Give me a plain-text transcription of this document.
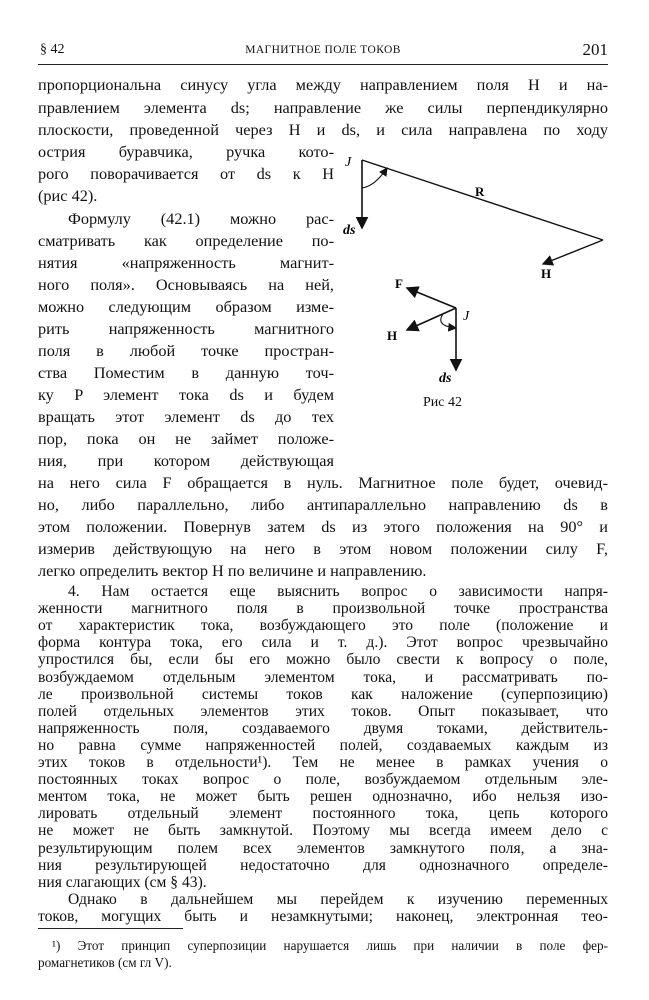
§ 42	МАГНИТНОЕ ПОЛЕ ТОКОВ	201
пропорциональна синусу угла между направлением поля H и на-
правлением элемента ds; направление же силы перпендикулярно
плоскости, проведенной через H и ds, и сила направлена по ходу
острия буравчика, ручка кото-
рого поворачивается от ds к H
(рис 42).
Формулу (42.1) можно рас-
сматривать как определение по-
нятия «напряженность магнит-
ного поля». Основываясь на ней,
можно следующим образом изме-
рить напряженность магнитного
поля в любой точке простран-
ства Поместим в данную точ-
ку P элемент тока ds и будем
вращать этот элемент ds до тех
пор, пока он не займет положе-
ния, при котором действующая
на него сила F обращается в нуль. Магнитное поле будет, очевид-
но, либо параллельно, либо антипараллельно направлению ds в
этом положении. Повернув затем ds из этого положения на 90° и
измерив действующую на него в этом новом положении силу F,
легко определить вектор H по величине и направлению.
J
R
ds
H
F
H
J
ds
Рис 42
4. Нам остается еще выяснить вопрос о зависимости напря-
женности магнитного поля в произвольной точке пространства
от характеристик тока, возбуждающего это поле (положение и
форма контура тока, его сила и т. д.). Этот вопрос чрезвычайно
упростился бы, если бы его можно было свести к вопросу о поле,
возбуждаемом отдельным элементом тока, и рассматривать по-
ле произвольной системы токов как наложение (суперпозицию)
полей отдельных элементов этих токов. Опыт показывает, что
напряженность поля, создаваемого двумя токами, действитель-
но равна сумме напряженностей полей, создаваемых каждым из
этих токов в отдельности¹). Тем не менее в рамках учения о
постоянных токах вопрос о поле, возбуждаемом отдельным эле-
ментом тока, не может быть решен однозначно, ибо нельзя изо-
лировать отдельный элемент постоянного тока, цепь которого
не может не быть замкнутой. Поэтому мы всегда имеем дело с
результирующим полем всех элементов замкнутого поля, а зна-
ния результирующей недостаточно для однозначного определе-
ния слагающих (см § 43).
Однако в дальнейшем мы перейдем к изучению переменных
токов, могущих быть и незамкнутыми; наконец, электронная тео-
¹) Этот принцип суперпозиции нарушается лишь при наличии в поле фер-
ромагнетиков (см гл V).
